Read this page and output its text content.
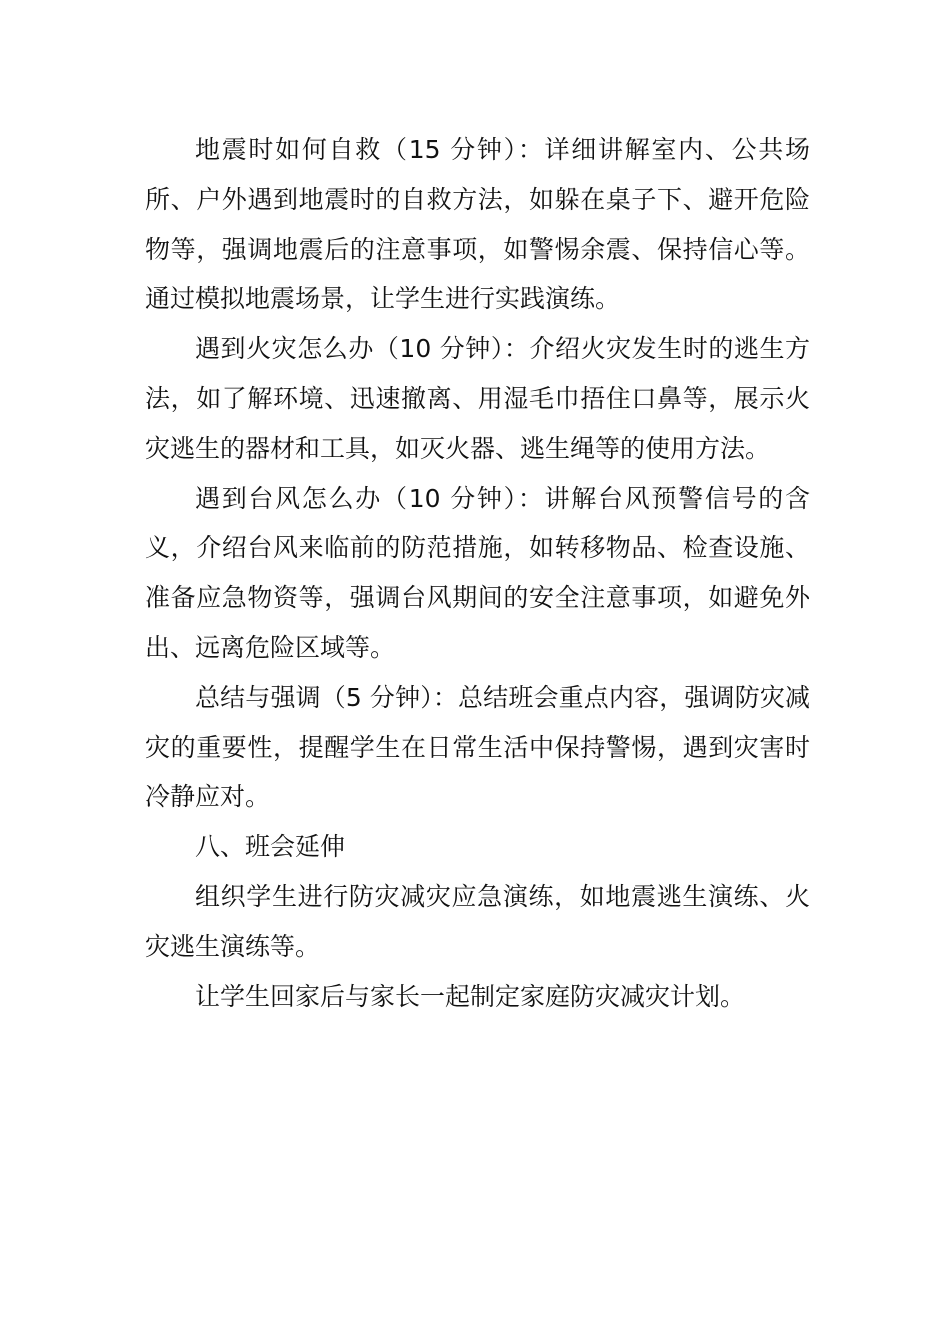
地震时如何自救（15 分钟）：详细讲解室内、公共场所、户外遇到地震时的自救方法，如躲在桌子下、避开危险物等，强调地震后的注意事项，如警惕余震、保持信心等。通过模拟地震场景，让学生进行实践演练。

遇到火灾怎么办（10 分钟）：介绍火灾发生时的逃生方法，如了解环境、迅速撤离、用湿毛巾捂住口鼻等，展示火灾逃生的器材和工具，如灭火器、逃生绳等的使用方法。

遇到台风怎么办（10 分钟）：讲解台风预警信号的含义，介绍台风来临前的防范措施，如转移物品、检查设施、准备应急物资等，强调台风期间的安全注意事项，如避免外出、远离危险区域等。

总结与强调（5 分钟）：总结班会重点内容，强调防灾减灾的重要性，提醒学生在日常生活中保持警惕，遇到灾害时冷静应对。

八、班会延伸

组织学生进行防灾减灾应急演练，如地震逃生演练、火灾逃生演练等。

让学生回家后与家长一起制定家庭防灾减灾计划。
